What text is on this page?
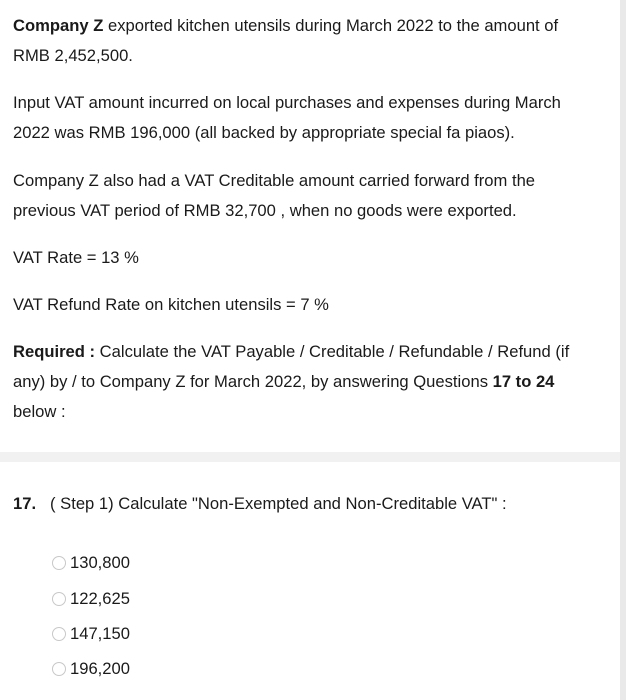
Company Z exported kitchen utensils during March 2022 to the amount of RMB 2,452,500.

Input VAT amount incurred on local purchases and expenses during March 2022 was RMB 196,000 (all backed by appropriate special fa piaos).

Company Z also had a VAT Creditable amount carried forward from the previous VAT period of RMB 32,700 , when no goods were exported.

VAT Rate = 13 %

VAT Refund Rate on kitchen utensils = 7 %

Required : Calculate the VAT Payable / Creditable / Refundable / Refund (if any) by / to Company Z for March 2022, by answering Questions 17 to 24 below :

17. ( Step 1) Calculate "Non-Exempted and Non-Creditable VAT" :
130,800
122,625
147,150
196,200
